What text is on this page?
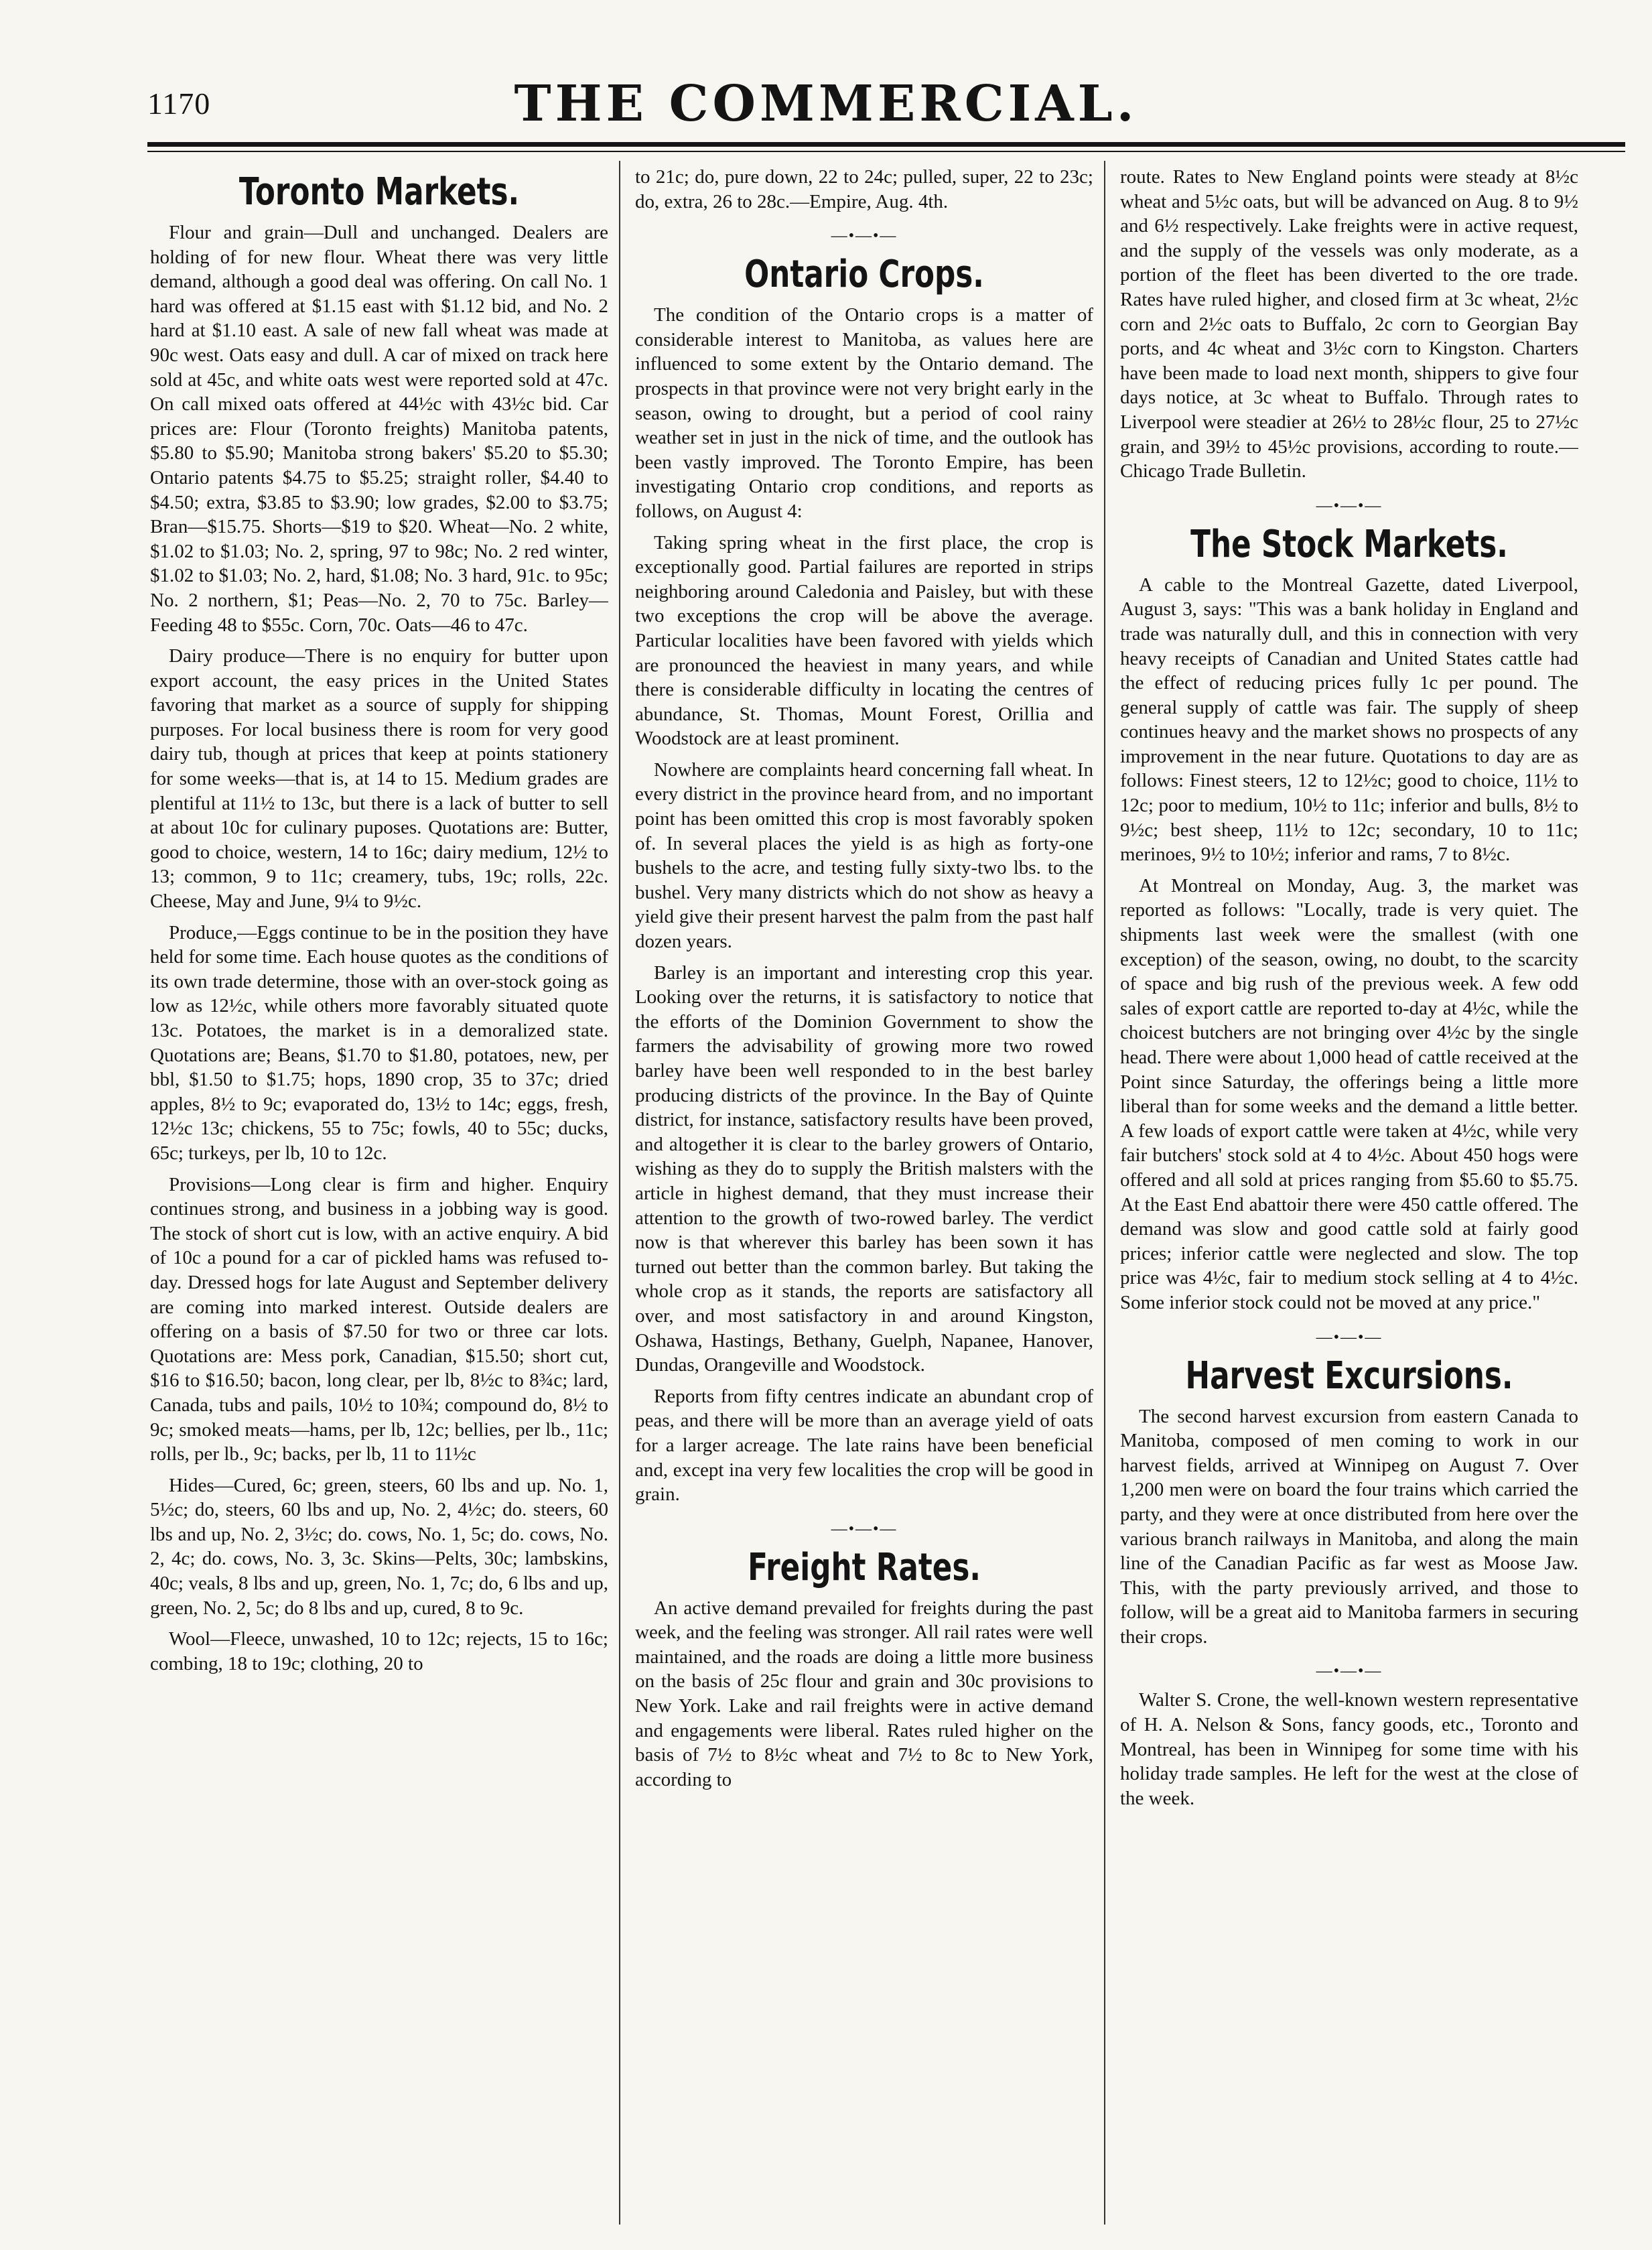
1170	THE COMMERCIAL.
Toronto Markets.

Flour and grain—Dull and unchanged. Dealers are holding of for new flour. Wheat there was very little demand, although a good deal was offering. On call No. 1 hard was offered at $1.15 east with $1.12 bid, and No. 2 hard at $1.10 east. A sale of new fall wheat was made at 90c west. Oats easy and dull. A car of mixed on track here sold at 45c, and white oats west were reported sold at 47c. On call mixed oats offered at 44½c with 43½c bid. Car prices are: Flour (Toronto freights) Manitoba patents, $5.80 to $5.90; Manitoba strong bakers' $5.20 to $5.30; Ontario patents $4.75 to $5.25; straight roller, $4.40 to $4.50; extra, $3.85 to $3.90; low grades, $2.00 to $3.75; Bran—$15.75. Shorts—$19 to $20. Wheat—No. 2 white, $1.02 to $1.03; No. 2, spring, 97 to 98c; No. 2 red winter, $1.02 to $1.03; No. 2, hard, $1.08; No. 3 hard, 91c. to 95c; No. 2 northern, $1; Peas—No. 2, 70 to 75c. Barley—Feeding 48 to $55c. Corn, 70c. Oats—46 to 47c.

Dairy produce—There is no enquiry for butter upon export account, the easy prices in the United States favoring that market as a source of supply for shipping purposes. For local business there is room for very good dairy tub, though at prices that keep at points stationery for some weeks—that is, at 14 to 15. Medium grades are plentiful at 11½ to 13c, but there is a lack of butter to sell at about 10c for culinary puposes. Quotations are: Butter, good to choice, western, 14 to 16c; dairy medium, 12½ to 13; common, 9 to 11c; creamery, tubs, 19c; rolls, 22c. Cheese, May and June, 9¼ to 9½c.

Produce,—Eggs continue to be in the position they have held for some time. Each house quotes as the conditions of its own trade determine, those with an over-stock going as low as 12½c, while others more favorably situated quote 13c. Potatoes, the market is in a demoralized state. Quotations are; Beans, $1.70 to $1.80, potatoes, new, per bbl, $1.50 to $1.75; hops, 1890 crop, 35 to 37c; dried apples, 8½ to 9c; evaporated do, 13½ to 14c; eggs, fresh, 12½c 13c; chickens, 55 to 75c; fowls, 40 to 55c; ducks, 65c; turkeys, per lb, 10 to 12c.

Provisions—Long clear is firm and higher. Enquiry continues strong, and business in a jobbing way is good. The stock of short cut is low, with an active enquiry. A bid of 10c a pound for a car of pickled hams was refused to-day. Dressed hogs for late August and September delivery are coming into marked interest. Outside dealers are offering on a basis of $7.50 for two or three car lots. Quotations are: Mess pork, Canadian, $15.50; short cut, $16 to $16.50; bacon, long clear, per lb, 8½c to 8¾c; lard, Canada, tubs and pails, 10½ to 10¾; compound do, 8½ to 9c; smoked meats—hams, per lb, 12c; bellies, per lb., 11c; rolls, per lb., 9c; backs, per lb, 11 to 11½c

Hides—Cured, 6c; green, steers, 60 lbs and up. No. 1, 5½c; do, steers, 60 lbs and up, No. 2, 4½c; do. steers, 60 lbs and up, No. 2, 3½c; do. cows, No. 1, 5c; do. cows, No. 2, 4c; do. cows, No. 3, 3c. Skins—Pelts, 30c; lambskins, 40c; veals, 8 lbs and up, green, No. 1, 7c; do, 6 lbs and up, green, No. 2, 5c; do 8 lbs and up, cured, 8 to 9c.

Wool—Fleece, unwashed, 10 to 12c; rejects, 15 to 16c; combing, 18 to 19c; clothing, 20 to

to 21c; do, pure down, 22 to 24c; pulled, super, 22 to 23c; do, extra, 26 to 28c.—Empire, Aug. 4th.

—•—•—
Ontario Crops.

The condition of the Ontario crops is a matter of considerable interest to Manitoba, as values here are influenced to some extent by the Ontario demand. The prospects in that province were not very bright early in the season, owing to drought, but a period of cool rainy weather set in just in the nick of time, and the outlook has been vastly improved. The Toronto Empire, has been investigating Ontario crop conditions, and reports as follows, on August 4:

Taking spring wheat in the first place, the crop is exceptionally good. Partial failures are reported in strips neighboring around Caledonia and Paisley, but with these two exceptions the crop will be above the average. Particular localities have been favored with yields which are pronounced the heaviest in many years, and while there is considerable difficulty in locating the centres of abundance, St. Thomas, Mount Forest, Orillia and Woodstock are at least prominent.

Nowhere are complaints heard concerning fall wheat. In every district in the province heard from, and no important point has been omitted this crop is most favorably spoken of. In several places the yield is as high as forty-one bushels to the acre, and testing fully sixty-two lbs. to the bushel. Very many districts which do not show as heavy a yield give their present harvest the palm from the past half dozen years.

Barley is an important and interesting crop this year. Looking over the returns, it is satisfactory to notice that the efforts of the Dominion Government to show the farmers the advisability of growing more two rowed barley have been well responded to in the best barley producing districts of the province. In the Bay of Quinte district, for instance, satisfactory results have been proved, and altogether it is clear to the barley growers of Ontario, wishing as they do to supply the British malsters with the article in highest demand, that they must increase their attention to the growth of two-rowed barley. The verdict now is that wherever this barley has been sown it has turned out better than the common barley. But taking the whole crop as it stands, the reports are satisfactory all over, and most satisfactory in and around Kingston, Oshawa, Hastings, Bethany, Guelph, Napanee, Hanover, Dundas, Orangeville and Woodstock.

Reports from fifty centres indicate an abundant crop of peas, and there will be more than an average yield of oats for a larger acreage. The late rains have been beneficial and, except ina very few localities the crop will be good in grain.

—•—•—
Freight Rates.

An active demand prevailed for freights during the past week, and the feeling was stronger. All rail rates were well maintained, and the roads are doing a little more business on the basis of 25c flour and grain and 30c provisions to New York. Lake and rail freights were in active demand and engagements were liberal. Rates ruled higher on the basis of 7½ to 8½c wheat and 7½ to 8c to New York, according to

route. Rates to New England points were steady at 8½c wheat and 5½c oats, but will be advanced on Aug. 8 to 9½ and 6½ respectively. Lake freights were in active request, and the supply of the vessels was only moderate, as a portion of the fleet has been diverted to the ore trade. Rates have ruled higher, and closed firm at 3c wheat, 2½c corn and 2½c oats to Buffalo, 2c corn to Georgian Bay ports, and 4c wheat and 3½c corn to Kingston. Charters have been made to load next month, shippers to give four days notice, at 3c wheat to Buffalo. Through rates to Liverpool were steadier at 26½ to 28½c flour, 25 to 27½c grain, and 39½ to 45½c provisions, according to route.—Chicago Trade Bulletin.

—•—•—
The Stock Markets.

A cable to the Montreal Gazette, dated Liverpool, August 3, says: "This was a bank holiday in England and trade was naturally dull, and this in connection with very heavy receipts of Canadian and United States cattle had the effect of reducing prices fully 1c per pound. The general supply of cattle was fair. The supply of sheep continues heavy and the market shows no prospects of any improvement in the near future. Quotations to day are as follows: Finest steers, 12 to 12½c; good to choice, 11½ to 12c; poor to medium, 10½ to 11c; inferior and bulls, 8½ to 9½c; best sheep, 11½ to 12c; secondary, 10 to 11c; merinoes, 9½ to 10½; inferior and rams, 7 to 8½c.

At Montreal on Monday, Aug. 3, the market was reported as follows: "Locally, trade is very quiet. The shipments last week were the smallest (with one exception) of the season, owing, no doubt, to the scarcity of space and big rush of the previous week. A few odd sales of export cattle are reported to-day at 4½c, while the choicest butchers are not bringing over 4½c by the single head. There were about 1,000 head of cattle received at the Point since Saturday, the offerings being a little more liberal than for some weeks and the demand a little better. A few loads of export cattle were taken at 4½c, while very fair butchers' stock sold at 4 to 4½c. About 450 hogs were offered and all sold at prices ranging from $5.60 to $5.75. At the East End abattoir there were 450 cattle offered. The demand was slow and good cattle sold at fairly good prices; inferior cattle were neglected and slow. The top price was 4½c, fair to medium stock selling at 4 to 4½c. Some inferior stock could not be moved at any price."

—•—•—
Harvest Excursions.

The second harvest excursion from eastern Canada to Manitoba, composed of men coming to work in our harvest fields, arrived at Winnipeg on August 7. Over 1,200 men were on board the four trains which carried the party, and they were at once distributed from here over the various branch railways in Manitoba, and along the main line of the Canadian Pacific as far west as Moose Jaw. This, with the party previously arrived, and those to follow, will be a great aid to Manitoba farmers in securing their crops.

—•—•—

Walter S. Crone, the well-known western representative of H. A. Nelson & Sons, fancy goods, etc., Toronto and Montreal, has been in Winnipeg for some time with his holiday trade samples. He left for the west at the close of the week.
